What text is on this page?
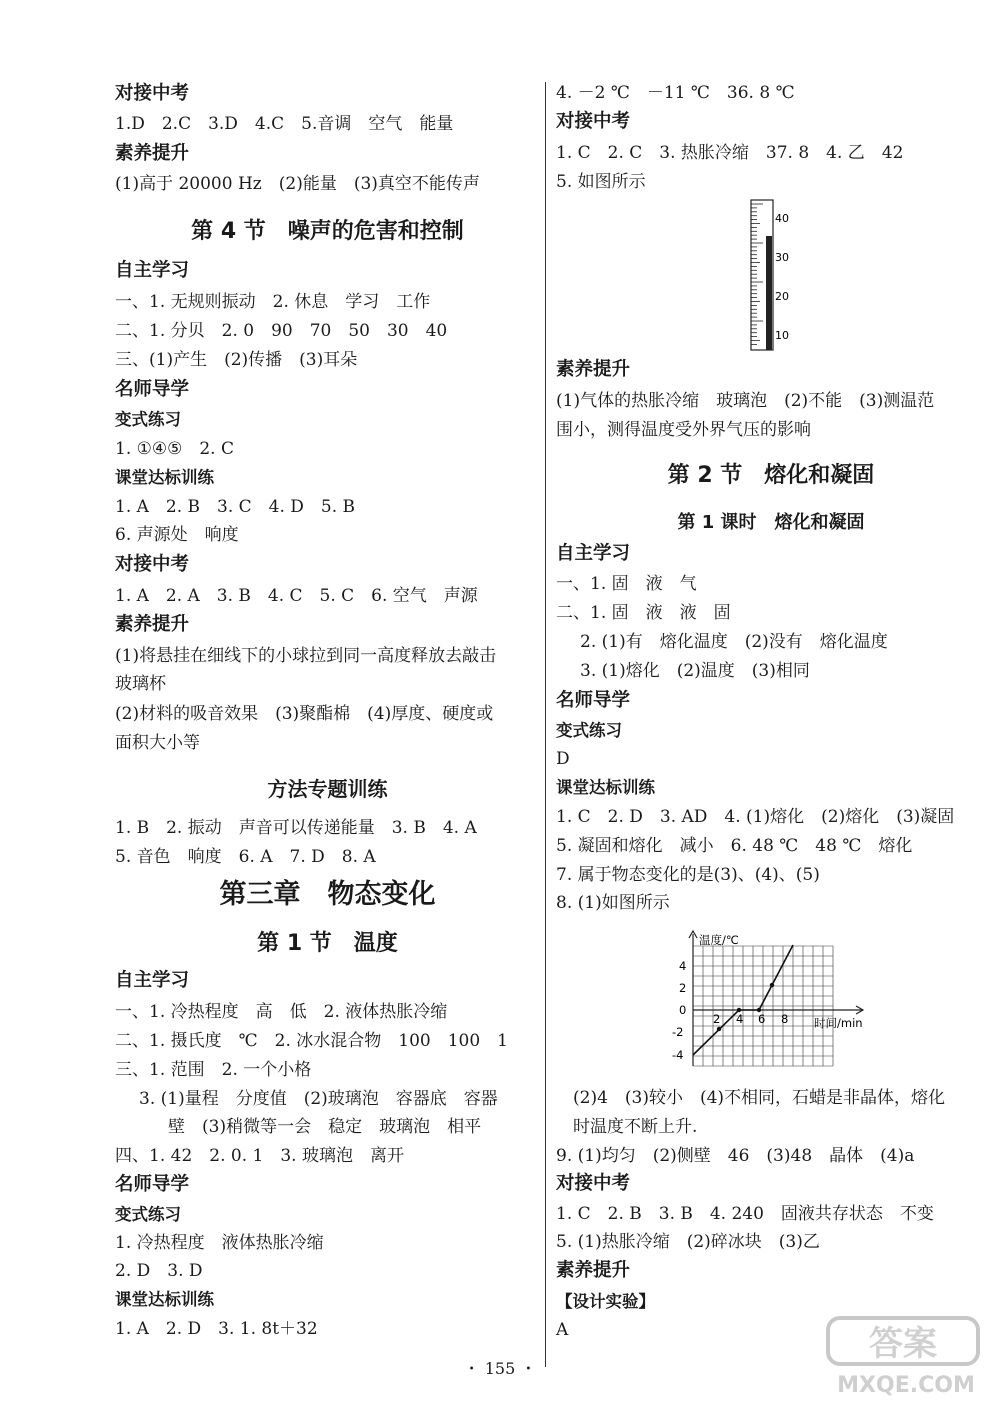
对接中考
1.D　2.C　3.D　4.C　5.音调　空气　能量
素养提升
(1)高于 20000 Hz　(2)能量　(3)真空不能传声
第 4 节　噪声的危害和控制
自主学习
一、1. 无规则振动　2. 休息　学习　工作
二、1. 分贝　2. 0　90　70　50　30　40
三、(1)产生　(2)传播　(3)耳朵
名师导学
变式练习
1. ①④⑤　2. C
课堂达标训练
1. A　2. B　3. C　4. D　5. B
6. 声源处　响度
对接中考
1. A　2. A　3. B　4. C　5. C　6. 空气　声源
素养提升
(1)将悬挂在细线下的小球拉到同一高度释放去敲击
玻璃杯
(2)材料的吸音效果　(3)聚酯棉　(4)厚度、硬度或
面积大小等
方法专题训练
1. B　2. 振动　声音可以传递能量　3. B　4. A
5. 音色　响度　6. A　7. D　8. A
第三章　物态变化
第 1 节　温度
自主学习
一、1. 冷热程度　高　低　2. 液体热胀冷缩
二、1. 摄氏度　℃　2. 冰水混合物　100　100　1
三、1. 范围　2. 一个小格
3. (1)量程　分度值　(2)玻璃泡　容器底　容器
壁　(3)稍微等一会　稳定　玻璃泡　相平
四、1. 42　2. 0. 1　3. 玻璃泡　离开
名师导学
变式练习
1. 冷热程度　液体热胀冷缩
2. D　3. D
课堂达标训练
1. A　2. D　3. 1. 8t＋32
4. －2 ℃　－11 ℃　36. 8 ℃
对接中考
1. C　2. C　3. 热胀冷缩　37. 8　4. 乙　42
5. 如图所示
40
30
20
10
素养提升
(1)气体的热胀冷缩　玻璃泡　(2)不能　(3)测温范
围小，测得温度受外界气压的影响
第 2 节　熔化和凝固
第 1 课时　熔化和凝固
自主学习
一、1. 固　液　气
二、1. 固　液　液　固
2. (1)有　熔化温度　(2)没有　熔化温度
3. (1)熔化　(2)温度　(3)相同
名师导学
变式练习
D
课堂达标训练
1. C　2. D　3. AD　4. (1)熔化　(2)熔化　(3)凝固
5. 凝固和熔化　减小　6. 48 ℃　48 ℃　熔化
7. 属于物态变化的是(3)、(4)、(5)
8. (1)如图所示
温度/℃
时间/min
4
2
0
-2
-4
2 4 6 8
(2)4　(3)较小　(4)不相同，石蜡是非晶体，熔化
时温度不断上升.
9. (1)均匀　(2)侧壁　46　(3)48　晶体　(4)a
对接中考
1. C　2. B　3. B　4. 240　固液共存状态　不变
5. (1)热胀冷缩　(2)碎冰块　(3)乙
素养提升
【设计实验】
A
・ 155 ・
答案
MXQE.COM
